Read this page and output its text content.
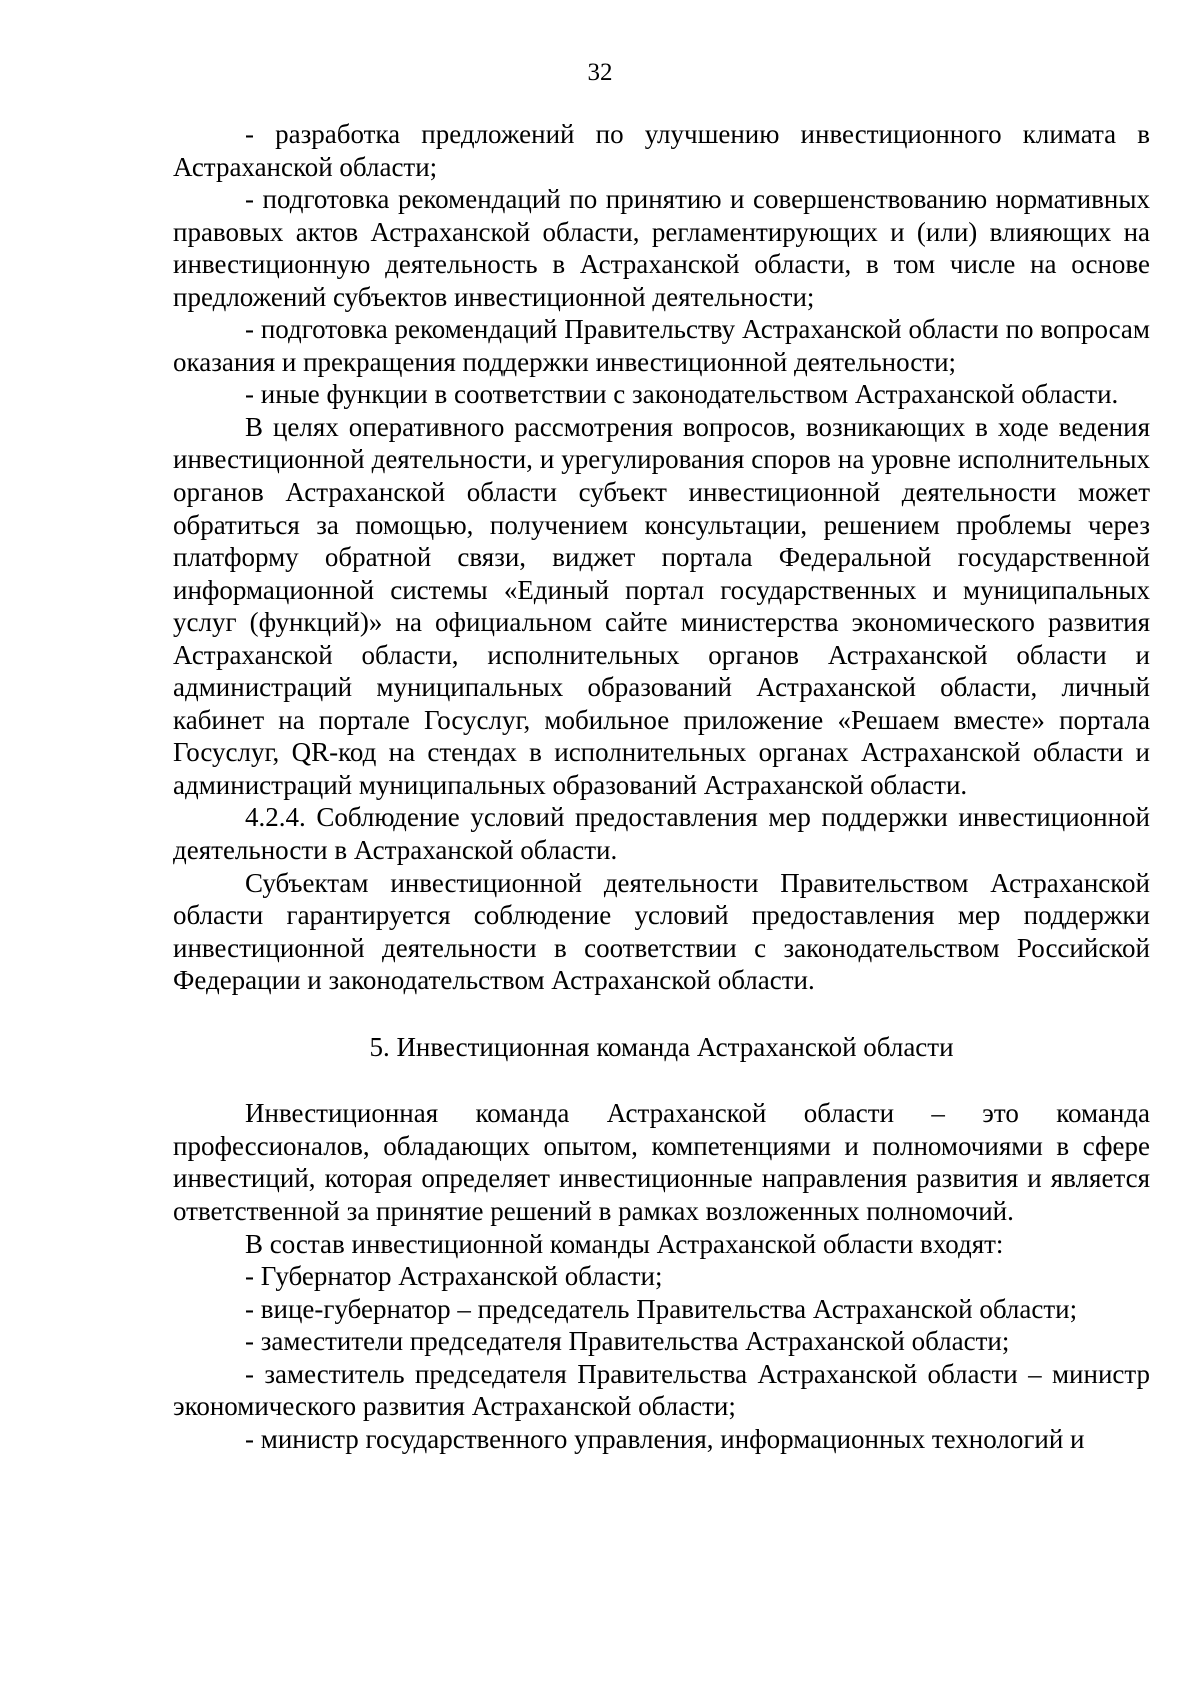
32

- разработка предложений по улучшению инвестиционного климата в Астраханской области;

- подготовка рекомендаций по принятию и совершенствованию нормативных правовых актов Астраханской области, регламентирующих и (или) влияющих на инвестиционную деятельность в Астраханской области, в том числе на основе предложений субъектов инвестиционной деятельности;

- подготовка рекомендаций Правительству Астраханской области по вопросам оказания и прекращения поддержки инвестиционной деятельности;

- иные функции в соответствии с законодательством Астраханской области.

В целях оперативного рассмотрения вопросов, возникающих в ходе ведения инвестиционной деятельности, и урегулирования споров на уровне исполнительных органов Астраханской области субъект инвестиционной деятельности может обратиться за помощью, получением консультации, решением проблемы через платформу обратной связи, виджет портала Федеральной государственной информационной системы «Единый портал государственных и муниципальных услуг (функций)» на официальном сайте министерства экономического развития Астраханской области, исполнительных органов Астраханской области и администраций муниципальных образований Астраханской области, личный кабинет на портале Госуслуг, мобильное приложение «Решаем вместе» портала Госуслуг, QR-код на стендах в исполнительных органах Астраханской области и администраций муниципальных образований Астраханской области.

4.2.4. Соблюдение условий предоставления мер поддержки инвестиционной деятельности в Астраханской области.

Субъектам инвестиционной деятельности Правительством Астраханской области гарантируется соблюдение условий предоставления мер поддержки инвестиционной деятельности в соответствии с законодательством Российской Федерации и законодательством Астраханской области.

5. Инвестиционная команда Астраханской области

Инвестиционная команда Астраханской области – это команда профессионалов, обладающих опытом, компетенциями и полномочиями в сфере инвестиций, которая определяет инвестиционные направления развития и является ответственной за принятие решений в рамках возложенных полномочий.

В состав инвестиционной команды Астраханской области входят:

- Губернатор Астраханской области;

- вице-губернатор – председатель Правительства Астраханской области;

- заместители председателя Правительства Астраханской области;

- заместитель председателя Правительства Астраханской области – министр экономического развития Астраханской области;

- министр государственного управления, информационных технологий и
